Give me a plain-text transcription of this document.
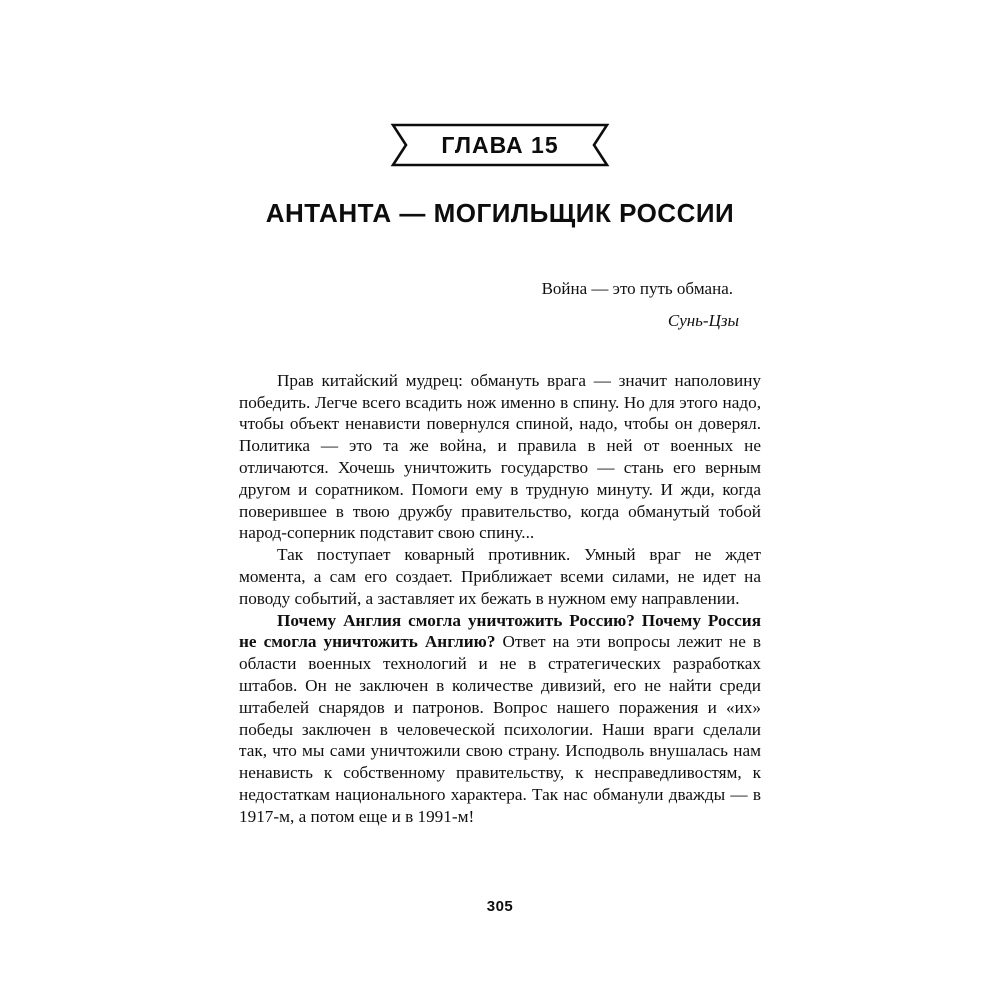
ГЛАВА 15
АНТАНТА — МОГИЛЬЩИК РОССИИ
Война — это путь обмана.
Сунь-Цзы

Прав китайский мудрец: обмануть врага — значит наполовину победить. Легче всего всадить нож именно в спину. Но для этого надо, чтобы объект ненависти повернулся спиной, надо, чтобы он доверял. Политика — это та же война, и правила в ней от военных не отличаются. Хочешь уничтожить государство — стань его верным другом и соратником. Помоги ему в трудную минуту. И жди, когда поверившее в твою дружбу правительство, когда обманутый тобой народ-соперник подставит свою спину...

Так поступает коварный противник. Умный враг не ждет момента, а сам его создает. Приближает всеми силами, не идет на поводу событий, а заставляет их бежать в нужном ему направлении.

Почему Англия смогла уничтожить Россию? Почему Россия не смогла уничтожить Англию? Ответ на эти вопросы лежит не в области военных технологий и не в стратегических разработках штабов. Он не заключен в количестве дивизий, его не найти среди штабелей снарядов и патронов. Вопрос нашего поражения и «их» победы заключен в человеческой психологии. Наши враги сделали так, что мы сами уничтожили свою страну. Исподволь внушалась нам ненависть к собственному правительству, к несправедливостям, к недостаткам национального характера. Так нас обманули дважды — в 1917-м, а потом еще и в 1991-м!

305
